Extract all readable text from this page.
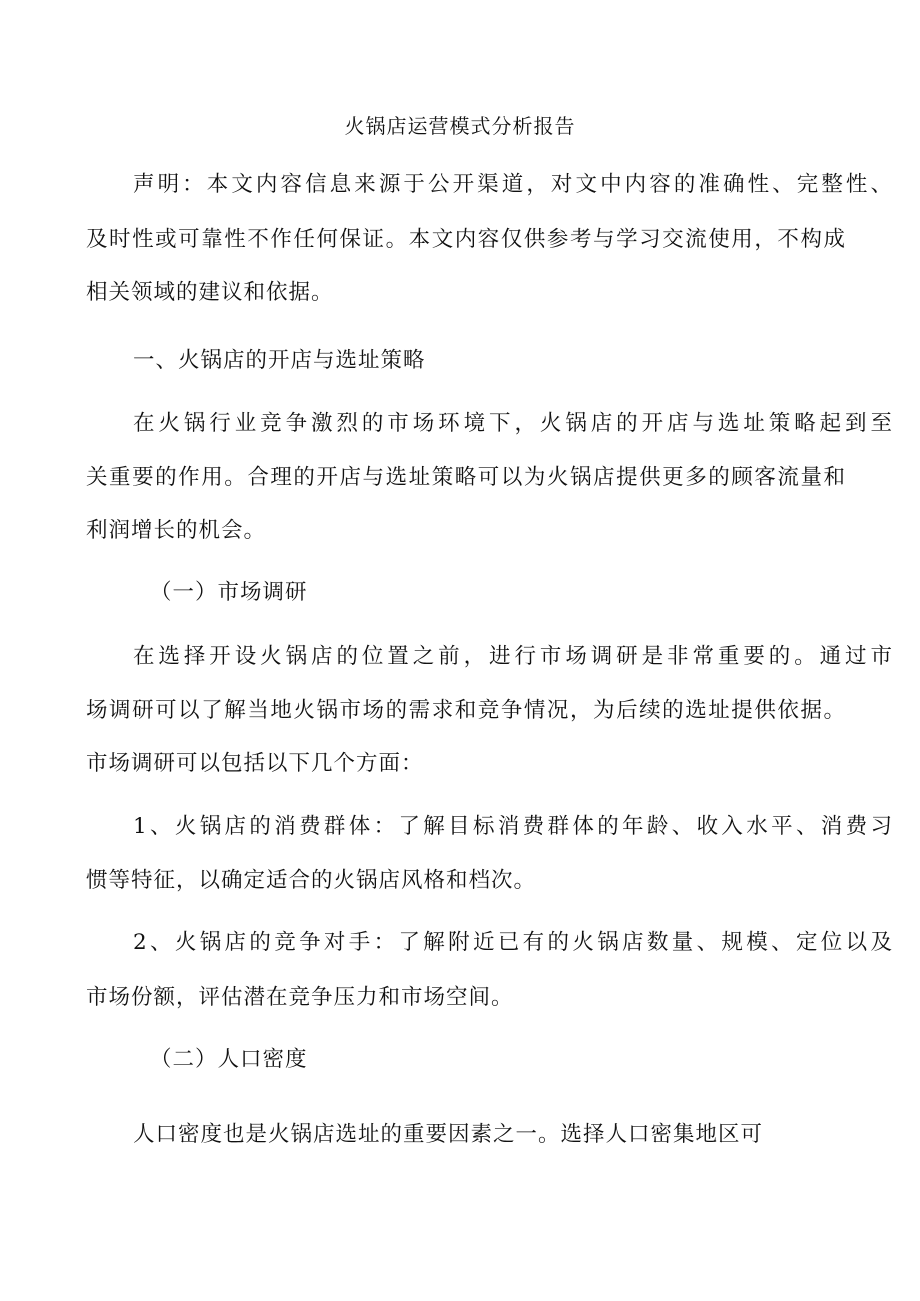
火锅店运营模式分析报告
声明：本文内容信息来源于公开渠道，对文中内容的准确性、完整性、
及时性或可靠性不作任何保证。本文内容仅供参考与学习交流使用，不构成
相关领域的建议和依据。
一、火锅店的开店与选址策略
在火锅行业竞争激烈的市场环境下，火锅店的开店与选址策略起到至
关重要的作用。合理的开店与选址策略可以为火锅店提供更多的顾客流量和
利润增长的机会。
（一）市场调研
在选择开设火锅店的位置之前，进行市场调研是非常重要的。通过市
场调研可以了解当地火锅市场的需求和竞争情况，为后续的选址提供依据。
市场调研可以包括以下几个方面：
1、火锅店的消费群体：了解目标消费群体的年龄、收入水平、消费习
惯等特征，以确定适合的火锅店风格和档次。
2、火锅店的竞争对手：了解附近已有的火锅店数量、规模、定位以及
市场份额，评估潜在竞争压力和市场空间。
（二）人口密度
人口密度也是火锅店选址的重要因素之一。选择人口密集地区可
